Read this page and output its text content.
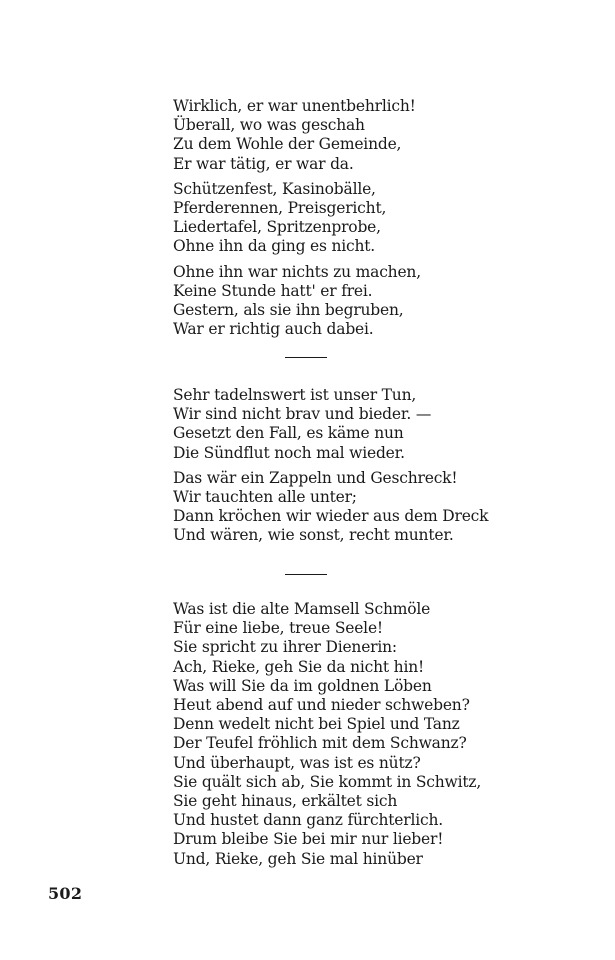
Wirklich, er war unentbehrlich!
Überall, wo was geschah
Zu dem Wohle der Gemeinde,
Er war tätig, er war da.
Schützenfest, Kasinobälle,
Pferderennen, Preisgericht,
Liedertafel, Spritzenprobe,
Ohne ihn da ging es nicht.
Ohne ihn war nichts zu machen,
Keine Stunde hatt' er frei.
Gestern, als sie ihn begruben,
War er richtig auch dabei.
Sehr tadelnswert ist unser Tun,
Wir sind nicht brav und bieder. —
Gesetzt den Fall, es käme nun
Die Sündflut noch mal wieder.
Das wär ein Zappeln und Geschreck!
Wir tauchten alle unter;
Dann kröchen wir wieder aus dem Dreck
Und wären, wie sonst, recht munter.
Was ist die alte Mamsell Schmöle
Für eine liebe, treue Seele!
Sie spricht zu ihrer Dienerin:
Ach, Rieke, geh Sie da nicht hin!
Was will Sie da im goldnen Löben
Heut abend auf und nieder schweben?
Denn wedelt nicht bei Spiel und Tanz
Der Teufel fröhlich mit dem Schwanz?
Und überhaupt, was ist es nütz?
Sie quält sich ab, Sie kommt in Schwitz,
Sie geht hinaus, erkältet sich
Und hustet dann ganz fürchterlich.
Drum bleibe Sie bei mir nur lieber!
Und, Rieke, geh Sie mal hinüber
502
